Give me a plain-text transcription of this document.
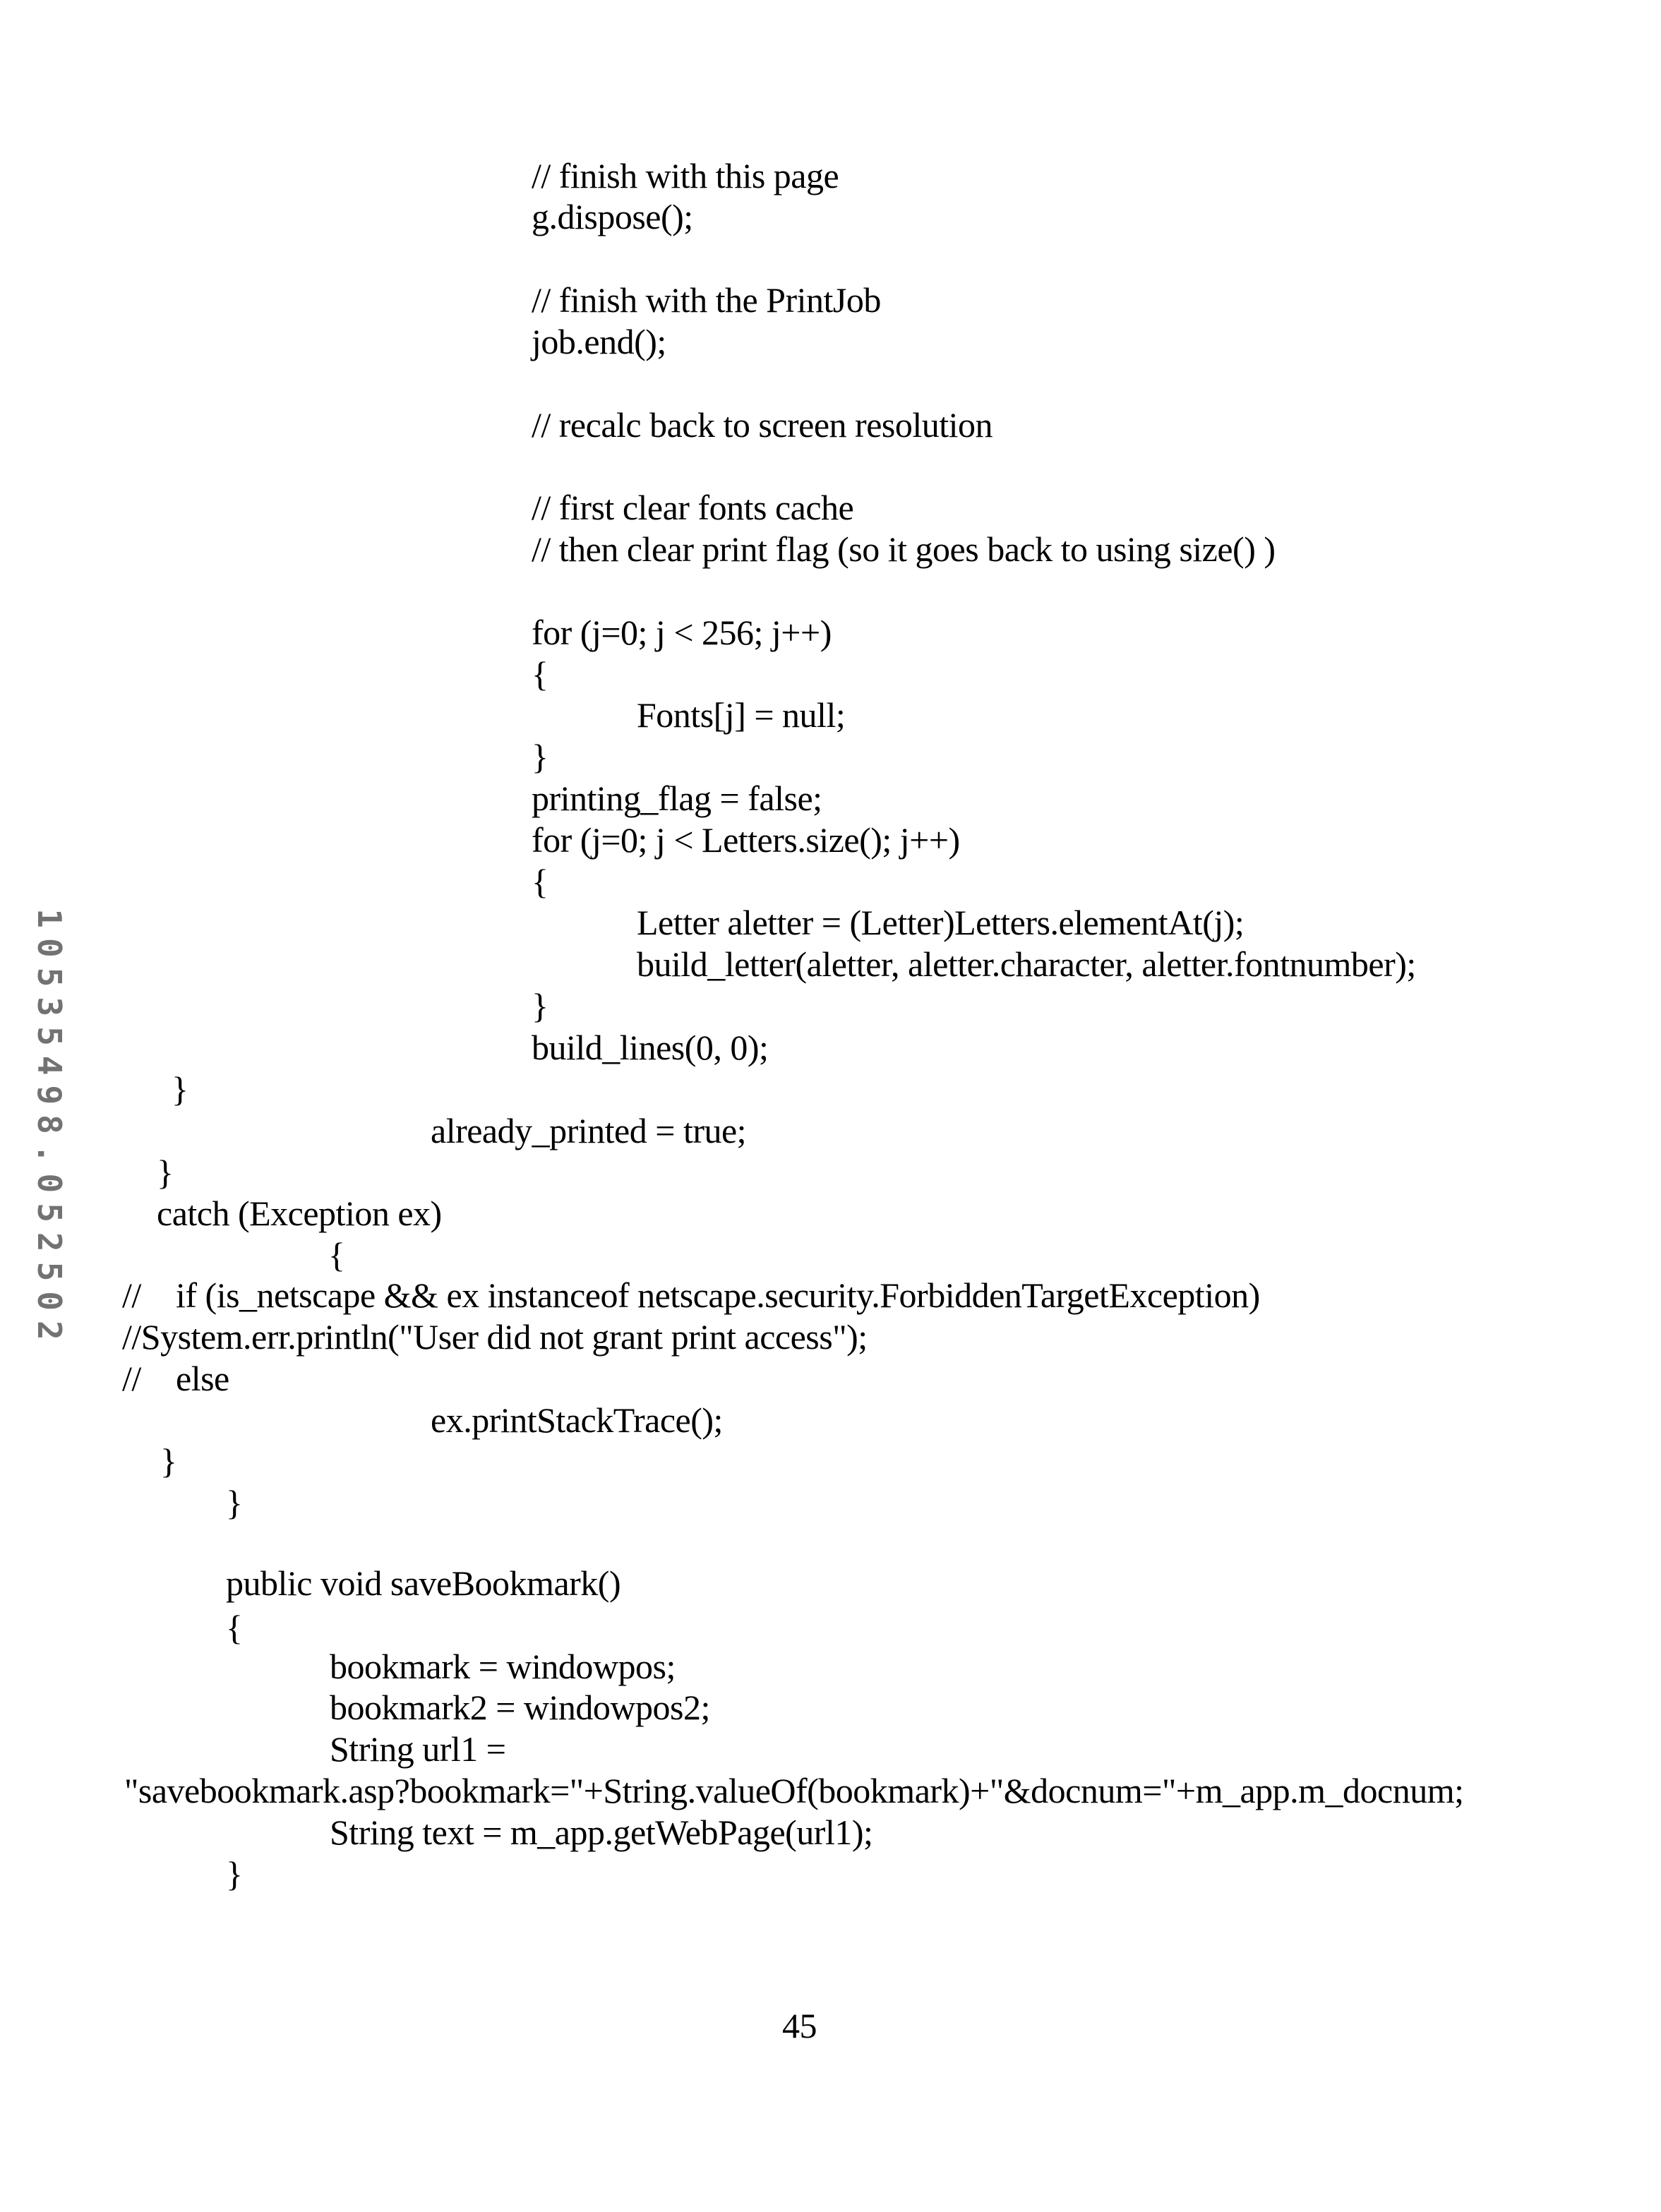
10535498.052502
// finish with this page
g.dispose();
// finish with the PrintJob
job.end();
// recalc back to screen resolution
// first clear fonts cache
// then clear print flag (so it goes back to using size() )
for (j=0; j < 256; j++)
{
Fonts[j] = null;
}
printing_flag = false;
for (j=0; j < Letters.size(); j++)
{
Letter aletter = (Letter)Letters.elementAt(j);
build_letter(aletter, aletter.character, aletter.fontnumber);
}
build_lines(0, 0);
}
already_printed = true;
}
catch (Exception ex)
{
// if (is_netscape && ex instanceof netscape.security.ForbiddenTargetException)
//System.err.println("User did not grant print access");
// else
ex.printStackTrace();
}
}
public void saveBookmark()
{
bookmark = windowpos;
bookmark2 = windowpos2;
String url1 =
"savebookmark.asp?bookmark="+String.valueOf(bookmark)+"&docnum="+m_app.m_docnum;
String text = m_app.getWebPage(url1);
}
45
